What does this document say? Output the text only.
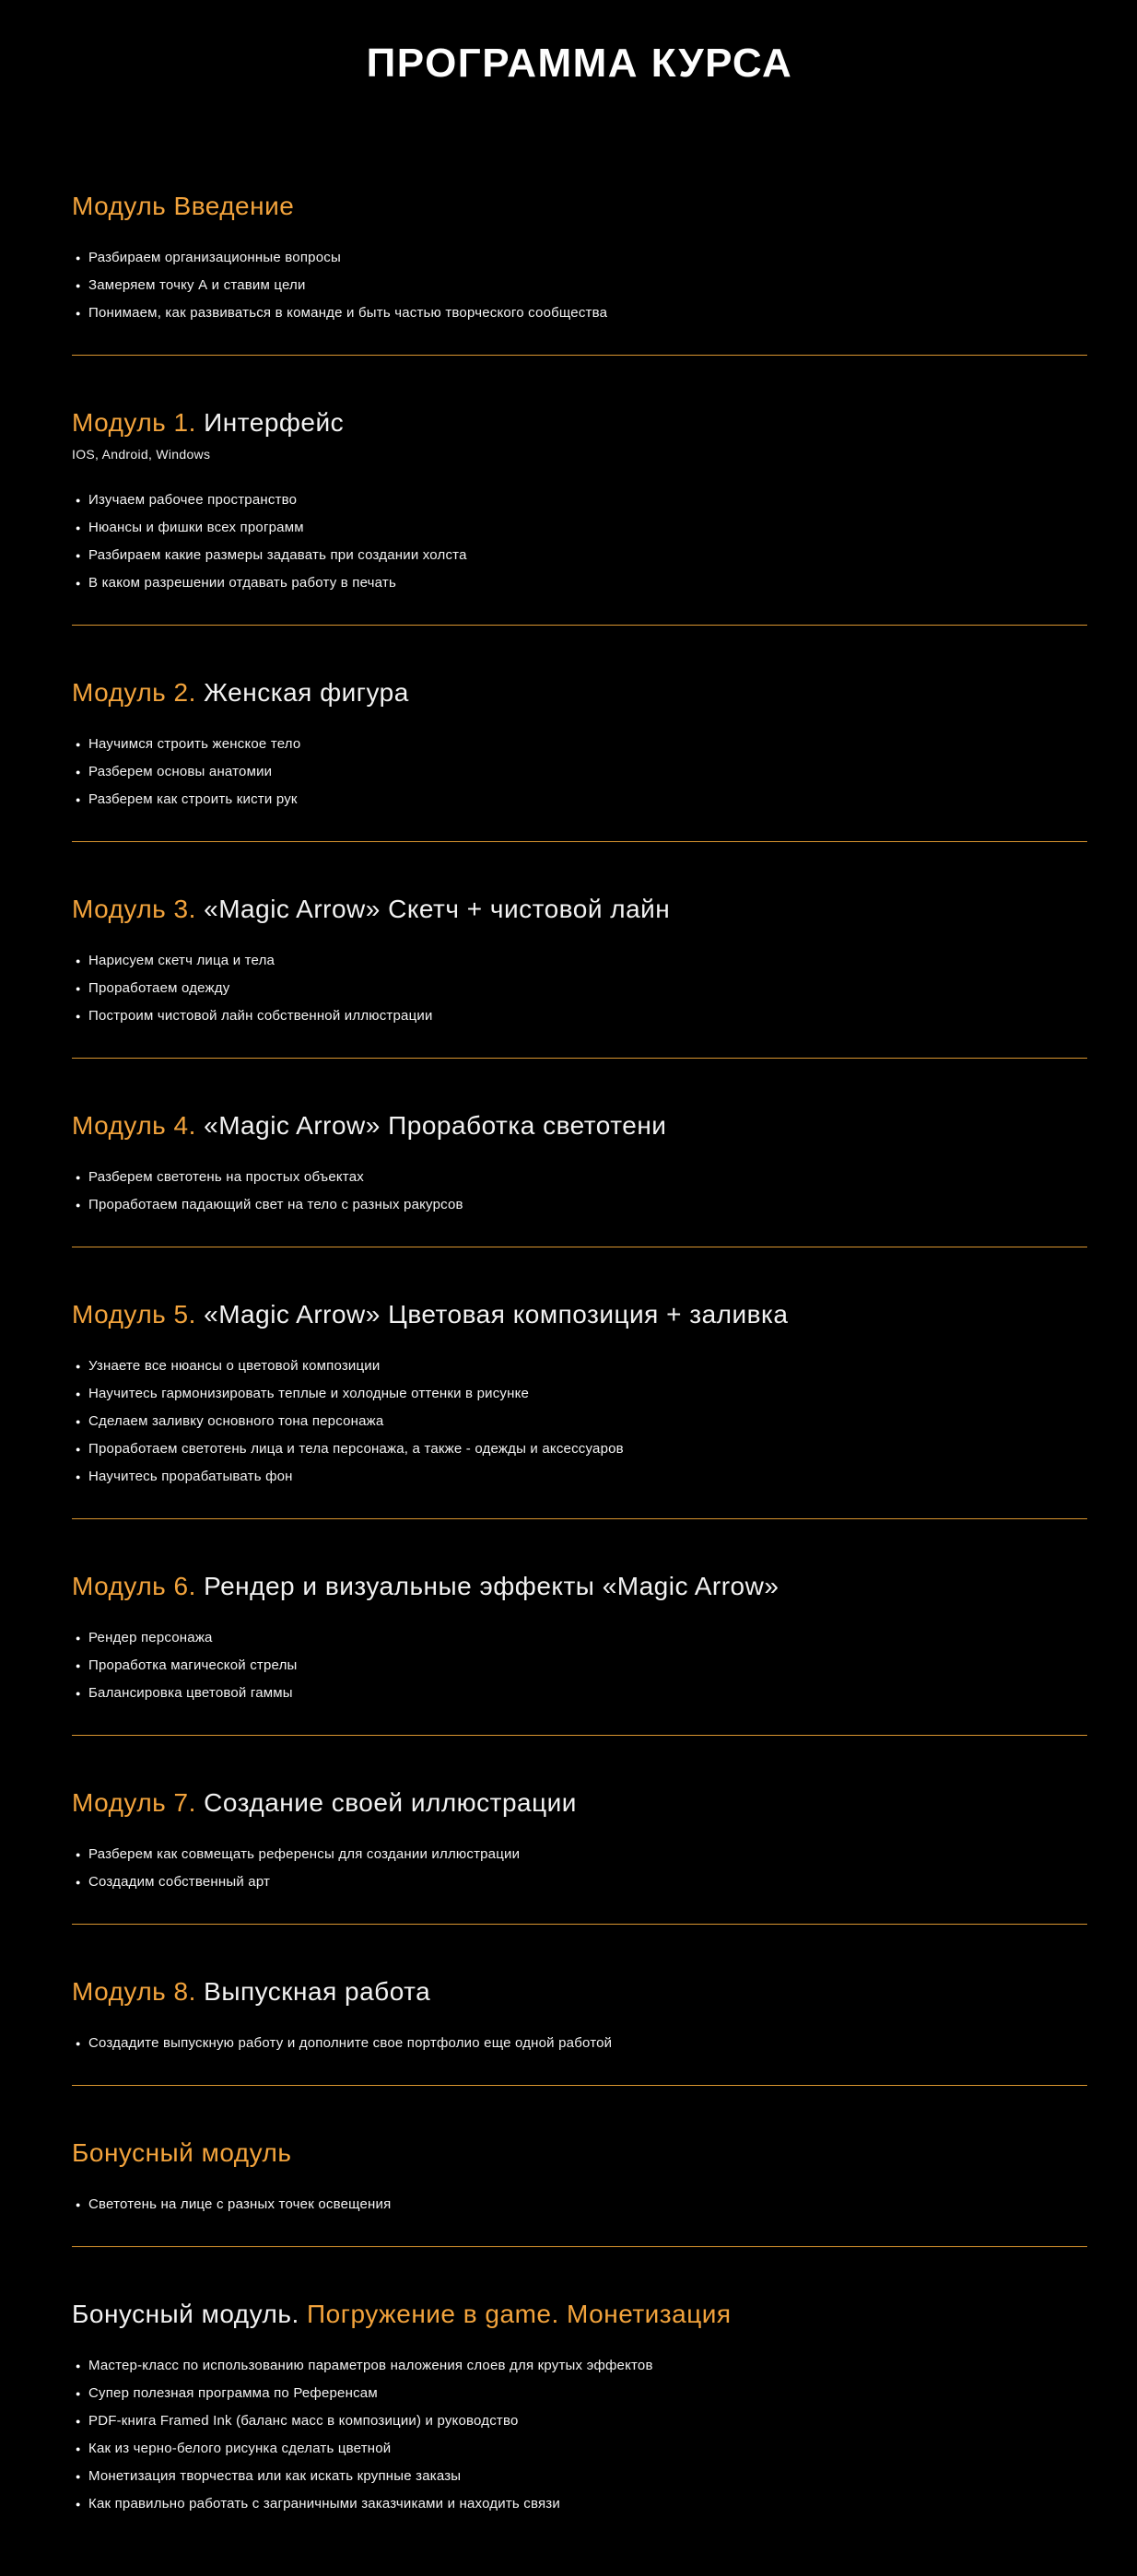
ПРОГРАММА КУРСА
Модуль Введение
● Разбираем организационные вопросы
● Замеряем точку А и ставим цели
● Понимаем, как развиваться в команде и быть частью творческого сообщества
Модуль 1. Интерфейс

IOS, Android, Windows

● Изучаем рабочее пространство
● Нюансы и фишки всех программ
● Разбираем какие размеры задавать при создании холста
● В каком разрешении отдавать работу в печать
Модуль 2. Женская фигура
● Научимся строить женское тело
● Разберем основы анатомии
● Разберем как строить кисти рук
Модуль 3. «Magic Arrow» Скетч + чистовой лайн
● Нарисуем скетч лица и тела
● Проработаем одежду
● Построим чистовой лайн собственной иллюстрации
Модуль 4. «Magic Arrow» Проработка светотени
● Разберем светотень на простых объектах
● Проработаем падающий свет на тело с разных ракурсов
Модуль 5. «Magic Arrow» Цветовая композиция + заливка
● Узнаете все нюансы о цветовой композиции
● Научитесь гармонизировать теплые и холодные оттенки в рисунке
● Сделаем заливку основного тона персонажа
● Проработаем светотень лица и тела персонажа, а также - одежды и аксессуаров
● Научитесь прорабатывать фон
Модуль 6. Рендер и визуальные эффекты «Magic Arrow»
● Рендер персонажа
● Проработка магической стрелы
● Балансировка цветовой гаммы
Модуль 7. Создание своей иллюстрации
● Разберем как совмещать референсы для создании иллюстрации
● Создадим собственный арт
Модуль 8. Выпускная работа
● Создадите выпускную работу и дополните свое портфолио еще одной работой
Бонусный модуль
● Светотень на лице с разных точек освещения
Бонусный модуль. Погружение в game. Монетизация
● Мастер-класс по использованию параметров наложения слоев для крутых эффектов
● Супер полезная программа по Референсам
● PDF-книга Framed Ink (баланс масс в композиции) и руководство
● Как из черно-белого рисунка сделать цветной
● Монетизация творчества или как искать крупные заказы
● Как правильно работать с заграничными заказчиками и находить связи
